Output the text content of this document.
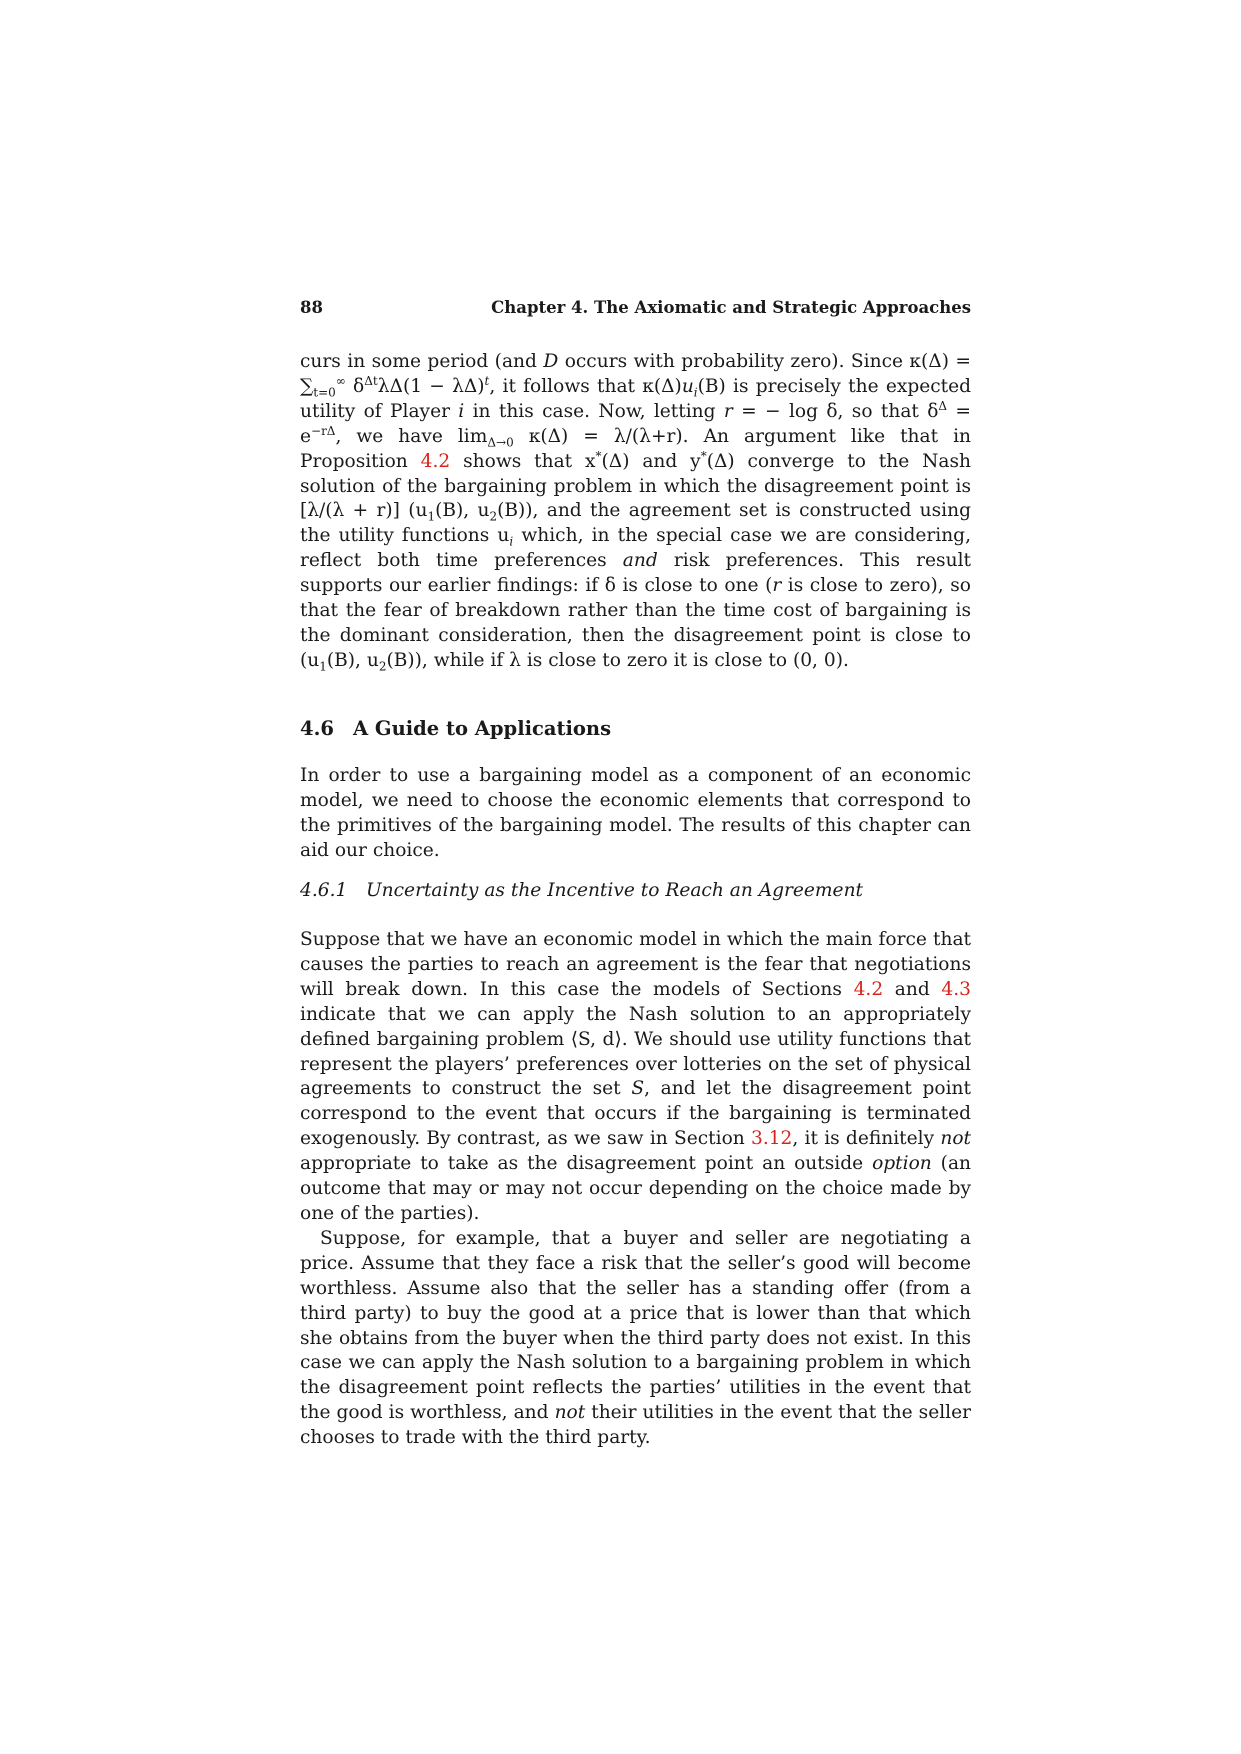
88	Chapter 4. The Axiomatic and Strategic Approaches

curs in some period (and D occurs with probability zero). Since $\kappa(\Delta) = \sum_{t=0}^\infty$ $\delta^{\Delta t}\lambda\Delta(1 - \lambda\Delta)^t$, it follows that $\kappa(\Delta)u_i(B)$ is precisely the expected utility of Player i in this case. Now, letting r = − log δ, so that $\delta^\Delta = e^{-r\Delta}$, we have $\lim_{\Delta\to 0} \kappa(\Delta) = \lambda/(\lambda+r)$. An argument like that in Proposition 4.2 shows that x*(Δ) and y*(Δ) converge to the Nash solution of the bargaining problem in which the disagreement point is [λ/(λ + r)] ($u_1(B)$, $u_2(B)$), and the agreement set is constructed using the utility functions $u_i$ which, in the special case we are considering, reflect both time preferences and risk preferences. This result supports our earlier findings: if δ is close to one (r is close to zero), so that the fear of breakdown rather than the time cost of bargaining is the dominant consideration, then the disagreement point is close to ($u_1(B)$, $u_2(B)$), while if λ is close to zero it is close to (0, 0).

4.6 A Guide to Applications

In order to use a bargaining model as a component of an economic model, we need to choose the economic elements that correspond to the primitives of the bargaining model. The results of this chapter can aid our choice.

4.6.1 Uncertainty as the Incentive to Reach an Agreement

Suppose that we have an economic model in which the main force that causes the parties to reach an agreement is the fear that negotiations will break down. In this case the models of Sections 4.2 and 4.3 indicate that we can apply the Nash solution to an appropriately defined bargaining problem ⟨S, d⟩. We should use utility functions that represent the players’ preferences over lotteries on the set of physical agreements to construct the set S, and let the disagreement point correspond to the event that occurs if the bargaining is terminated exogenously. By contrast, as we saw in Section 3.12, it is definitely not appropriate to take as the disagreement point an outside option (an outcome that may or may not occur depending on the choice made by one of the parties).

Suppose, for example, that a buyer and seller are negotiating a price. Assume that they face a risk that the seller’s good will become worthless. Assume also that the seller has a standing offer (from a third party) to buy the good at a price that is lower than that which she obtains from the buyer when the third party does not exist. In this case we can apply the Nash solution to a bargaining problem in which the disagreement point reflects the parties’ utilities in the event that the good is worthless, and not their utilities in the event that the seller chooses to trade with the third party.
